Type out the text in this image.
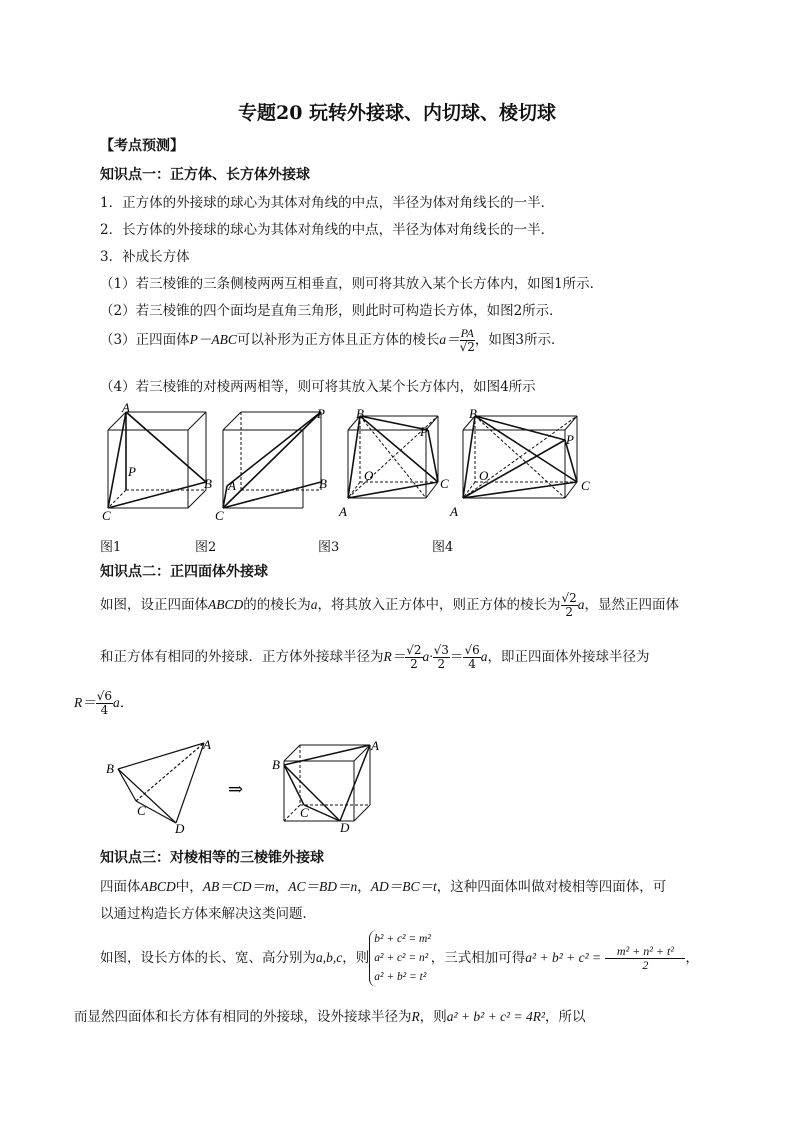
专题20 玩转外接球、内切球、棱切球
【考点预测】
知识点一：正方体、长方体外接球
1．正方体的外接球的球心为其体对角线的中点，半径为体对角线长的一半．
2．长方体的外接球的球心为其体对角线的中点，半径为体对角线长的一半．
3．补成长方体
（1）若三棱锥的三条侧棱两两互相垂直，则可将其放入某个长方体内，如图1所示．
（2）若三棱锥的四个面均是直角三角形，则此时可构造长方体，如图2所示．
（3）正四面体P－ABC可以补形为正方体且正方体的棱长$a= \frac{PA}{√2}$ ，如图3所示．
（4）若三棱锥的对棱两两相等，则可将其放入某个长方体内，如图4所示
A
P
B
C
P
A	B
C
B
P
O
C
A
B
P
O
C
A
图1	图2	图3	图4
知识点二：正四面体外接球
如图，设正四面体ABCD的的棱长为a，将其放入正方体中，则正方体的棱长为 $\frac{√2}{2}$ a，显然正四面体
和正方体有相同的外接球．正方体外接球半径为$R= \frac{√2}{2} a\cdot \frac{√3}{2} = \frac{√6}{4}$ a，即正四面体外接球半径为
$R= \frac{√6}{4}$ a．
A
B
C
D
⇒
A
B
C
D
知识点三：对棱相等的三棱锥外接球
四面体ABCD中，AB＝CD＝m，AC＝BD＝n，AD＝BC＝t，这种四面体叫做对棱相等四面体，可
以通过构造长方体来解决这类问题．
如图，设长方体的长、宽、高分别为a,b,c，则
b² + c² = m²
a² + c² = n²
a² + b² = t²
，三式相加可得$a^2 + b^2 + c^2 = \frac{\text{m² + n² + t²}}{2}$ ，
而显然四面体和长方体有相同的外接球，设外接球半径为R，则a² + b² + c² = 4R²，所以
